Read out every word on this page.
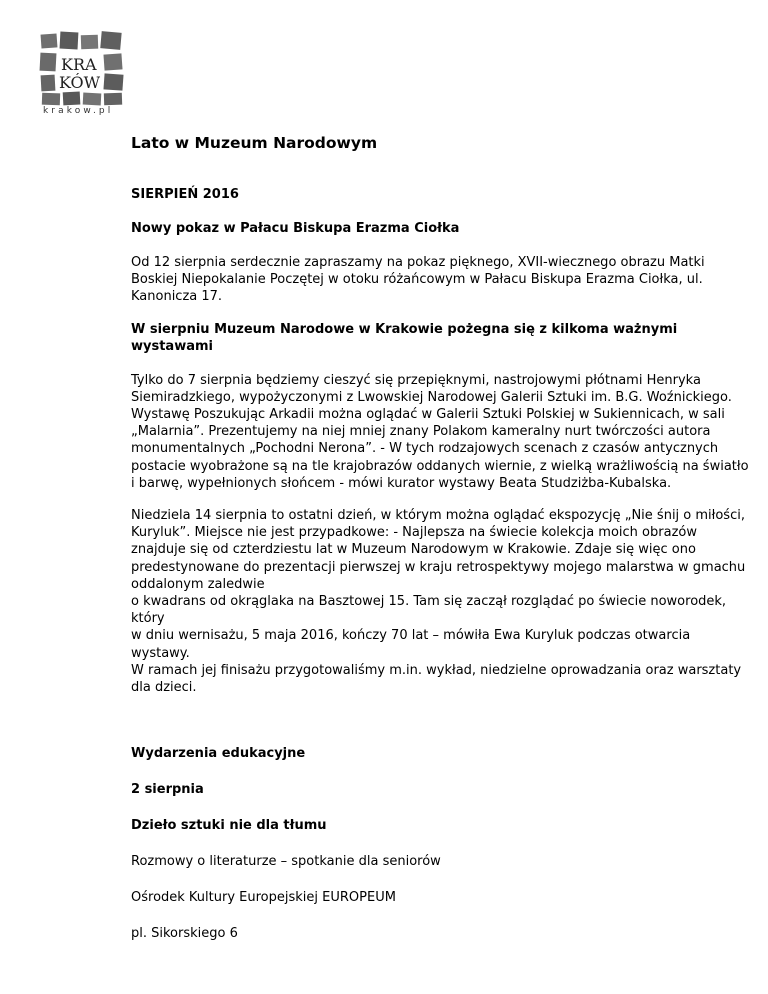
KRA
KÓW
krakow.pl
Lato w Muzeum Narodowym
SIERPIEŃ 2016
Nowy pokaz w Pałacu Biskupa Erazma Ciołka

Od 12 sierpnia serdecznie zapraszamy na pokaz pięknego, XVII-wiecznego obrazu Matki Boskiej Niepokalanie Poczętej w otoku różańcowym w Pałacu Biskupa Erazma Ciołka, ul. Kanonicza 17.

W sierpniu Muzeum Narodowe w Krakowie pożegna się z kilkoma ważnymi wystawami

Tylko do 7 sierpnia będziemy cieszyć się przepięknymi, nastrojowymi płótnami Henryka Siemiradzkiego, wypożyczonymi z Lwowskiej Narodowej Galerii Sztuki im. B.G. Woźnickiego. Wystawę Poszukując Arkadii można oglądać w Galerii Sztuki Polskiej w Sukiennicach, w sali „Malarnia”. Prezentujemy na niej mniej znany Polakom kameralny nurt twórczości autora monumentalnych „Pochodni Nerona”. - W tych rodzajowych scenach z czasów antycznych postacie wyobrażone są na tle krajobrazów oddanych wiernie, z wielką wrażliwością na światło i barwę, wypełnionych słońcem - mówi kurator wystawy Beata Studziżba-Kubalska.

Niedziela 14 sierpnia to ostatni dzień, w którym można oglądać ekspozycję „Nie śnij o miłości, Kuryluk”. Miejsce nie jest przypadkowe: - Najlepsza na świecie kolekcja moich obrazów znajduje się od czterdziestu lat w Muzeum Narodowym w Krakowie. Zdaje się więc ono predestynowane do prezentacji pierwszej w kraju retrospektywy mojego malarstwa w gmachu oddalonym zaledwie
o kwadrans od okrąglaka na Basztowej 15. Tam się zaczął rozglądać po świecie noworodek, który
w dniu wernisażu, 5 maja 2016, kończy 70 lat – mówiła Ewa Kuryluk podczas otwarcia wystawy.
W ramach jej finisażu przygotowaliśmy m.in. wykład, niedzielne oprowadzania oraz warsztaty dla dzieci.

Wydarzenia edukacyjne
2 sierpnia
Dzieło sztuki nie dla tłumu
Rozmowy o literaturze – spotkanie dla seniorów
Ośrodek Kultury Europejskiej EUROPEUM
pl. Sikorskiego 6
